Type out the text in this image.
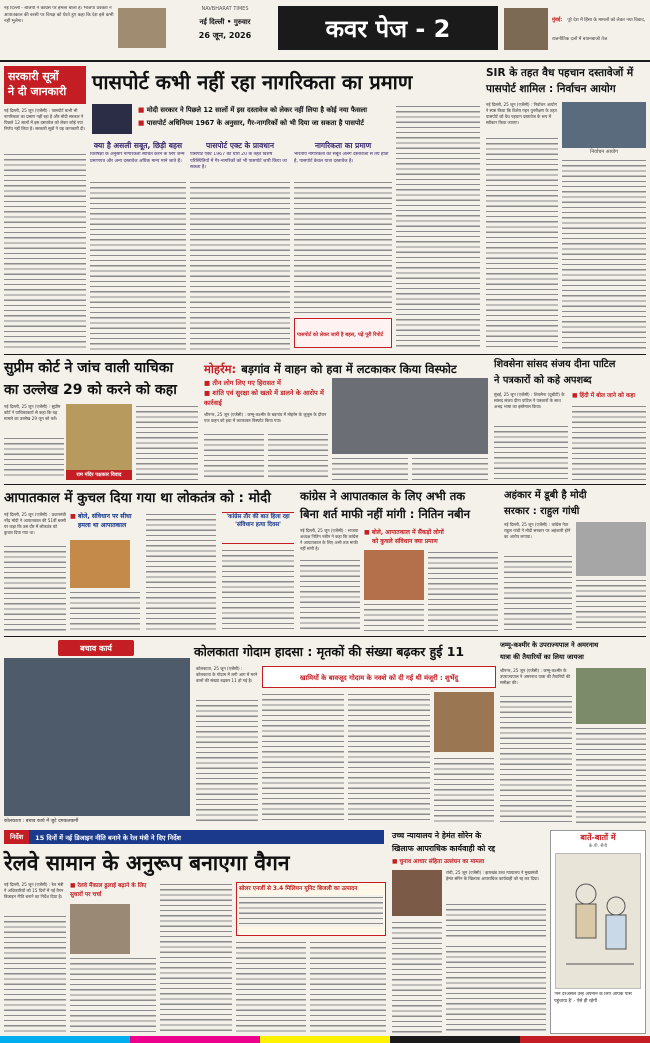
नई दिल्ली - बीजेपी ने कांग्रेस पर हमला बोला है। भाजपा प्रवक्ता ने आपातकाल की बरसी पर विपक्ष को घेरते हुए कहा कि देश इसे कभी नहीं भूलेगा।
NAVBHARAT TIMES
नई दिल्ली • गुरुवार
26 जून, 2026	कवर पेज - 2	मुंबई: पूरे देश में हिंसा के मामलों को लेकर नया विवाद, राजनीतिक दलों में बयानबाजी तेज
सरकारी सूत्रों
ने दी जानकारी	पासपोर्ट कभी नहीं रहा नागरिकता का प्रमाण
■ मोदी सरकार ने पिछले 12 सालों में इस दस्तावेज को लेकर नहीं लिया है कोई नया फैसला
■ पासपोर्ट अधिनियम 1967 के अनुसार, गैर-नागरिकों को भी दिया जा सकता है पासपोर्ट
नई दिल्ली, 25 जून (एजेंसी) : पासपोर्ट कभी भी नागरिकता का प्रमाण नहीं रहा है और मोदी सरकार ने पिछले 12 सालों में इस दस्तावेज को लेकर कोई नया निर्णय नहीं लिया है। सरकारी सूत्रों ने यह जानकारी दी।
क्या है असली सबूत, छिड़ी बहस
विशेषज्ञों के अनुसार नागरिकता साबित करने के लिए जन्म प्रमाणपत्र और अन्य दस्तावेज अधिक मान्य माने जाते हैं।
पासपोर्ट एक्ट के प्रावधान
पासपोर्ट एक्ट 1967 की धारा 20 के तहत विशेष परिस्थितियों में गैर-नागरिकों को भी पासपोर्ट जारी किया जा सकता है।
नागरिकता का प्रमाण
भारतीय नागरिकता का सबूत अलग दस्तावेजों से तय होता है, पासपोर्ट केवल यात्रा दस्तावेज है।
पासपोर्ट को लेकर जारी है बहस, पढ़ें पूरी रिपोर्ट
SIR के तहत वैध पहचान दस्तावेजों में
पासपोर्ट शामिल : निर्वाचन आयोग
नई दिल्ली, 25 जून (एजेंसी) : निर्वाचन आयोग ने स्पष्ट किया कि विशेष गहन पुनरीक्षण के तहत पासपोर्ट को वैध पहचान दस्तावेज के रूप में स्वीकार किया जाएगा।
निर्वाचन आयोग
सुप्रीम कोर्ट ने जांच वाली याचिका
का उल्लेख 29 को करने को कहा
नई दिल्ली, 25 जून (एजेंसी) : सुप्रीम कोर्ट ने याचिकाकर्ता से कहा कि वह मामले का उल्लेख 29 जून को करें।
राम मंदिर पक्षकार विवाद
मोहर्रम: बड़गांव में वाहन को हवा में लटकाकर किया विस्फोट
■ तीन लोग लिए गए हिरासत में
■ शांति एवं सुरक्षा को खतरे में डालने के आरोप में कार्रवाई
श्रीनगर, 25 जून (एजेंसी) : जम्मू-कश्मीर के बड़गांव में मोहर्रम के जुलूस के दौरान एक वाहन को हवा में लटकाकर विस्फोट किया गया।
शिवसेना सांसद संजय दीना पाटिल
ने पत्रकारों को कहे अपशब्द
मुंबई, 25 जून (एजेंसी) : शिवसेना (यूबीटी) के सांसद संजय दीना पाटिल ने पत्रकारों के साथ अभद्र भाषा का इस्तेमाल किया।
■ हिंदी में बोल जाने को कहा
आपातकाल में कुचल दिया गया था लोकतंत्र को : मोदी
नई दिल्ली, 25 जून (एजेंसी) : प्रधानमंत्री नरेंद्र मोदी ने आपातकाल की 51वीं बरसी पर कहा कि उस दौर में लोकतंत्र को कुचल दिया गया था।
■ बोले, संविधान पर सीधा
हमला था आपातकाल
'कांग्रेस तौर की बात हिला रहा 'संविधान हत्या दिवस'
कांग्रेस ने आपातकाल के लिए अभी तक
बिना शर्त माफी नहीं मांगी : नितिन नबीन
नई दिल्ली, 25 जून (एजेंसी) : भाजपा अध्यक्ष नितिन नबीन ने कहा कि कांग्रेस ने आपातकाल के लिए अभी तक माफी नहीं मांगी है।
■ बोले, आपातकाल में सैंकड़ों लोगों
को कुचले संविधान क्या प्रमाण
अहंकार में डूबी है मोदी
सरकार : राहुल गांधी
नई दिल्ली, 25 जून (एजेंसी) : कांग्रेस नेता राहुल गांधी ने मोदी सरकार पर अहंकारी होने का आरोप लगाया।
बचाव कार्य
कोलकाता : बचाव कार्य में जुटे दमकलकर्मी
कोलकाता गोदाम हादसा : मृतकों की संख्या बढ़कर हुई 11
कोलकाता, 25 जून (एजेंसी) : कोलकाता के गोदाम में लगी आग में मरने वालों की संख्या बढ़कर 11 हो गई है।	खामियों के बावजूद गोदाम के नक्शे को दी गई थी मंजूरी : शुभेंदु
जम्मू-कश्मीर के उपराज्यपाल ने अमरनाथ
यात्रा की तैयारियों का लिया जायजा
श्रीनगर, 25 जून (एजेंसी) : जम्मू-कश्मीर के उपराज्यपाल ने अमरनाथ यात्रा की तैयारियों की समीक्षा की।
निर्देश	15 दिनों में नई डिजाइन नीति बनाने के रेल मंत्री ने दिए निर्देश
रेलवे सामान के अनुरूप बनाएगा वैगन
नई दिल्ली, 25 जून (एजेंसी) : रेल मंत्री ने अधिकारियों को 15 दिनों में नई वैगन डिजाइन नीति बनाने का निर्देश दिया है।
■ रेलवे मैंकाल ढुलाई बढ़ाने के लिए सुधारों पर चर्चा
सोलर एनर्जी से 3.4 मिलियन यूनिट बिजली का उत्पादन
उच्च न्यायालय ने हेमंत सोरेन के
खिलाफ आपराधिक कार्यवाही को रद्द
■ चुनाव आचार संहिता उल्लंघन का मामला
रांची, 25 जून (एजेंसी) : झारखंड उच्च न्यायालय ने मुख्यमंत्री हेमंत सोरेन के खिलाफ आपराधिक कार्यवाही को रद्द कर दिया।
बातें-बातों में
के.पी. सैनी
'मैंने दरअसल उन्हें अपनाने के लिए आपके पास पहुंचाया है' - ऐसे ही रहेगी
